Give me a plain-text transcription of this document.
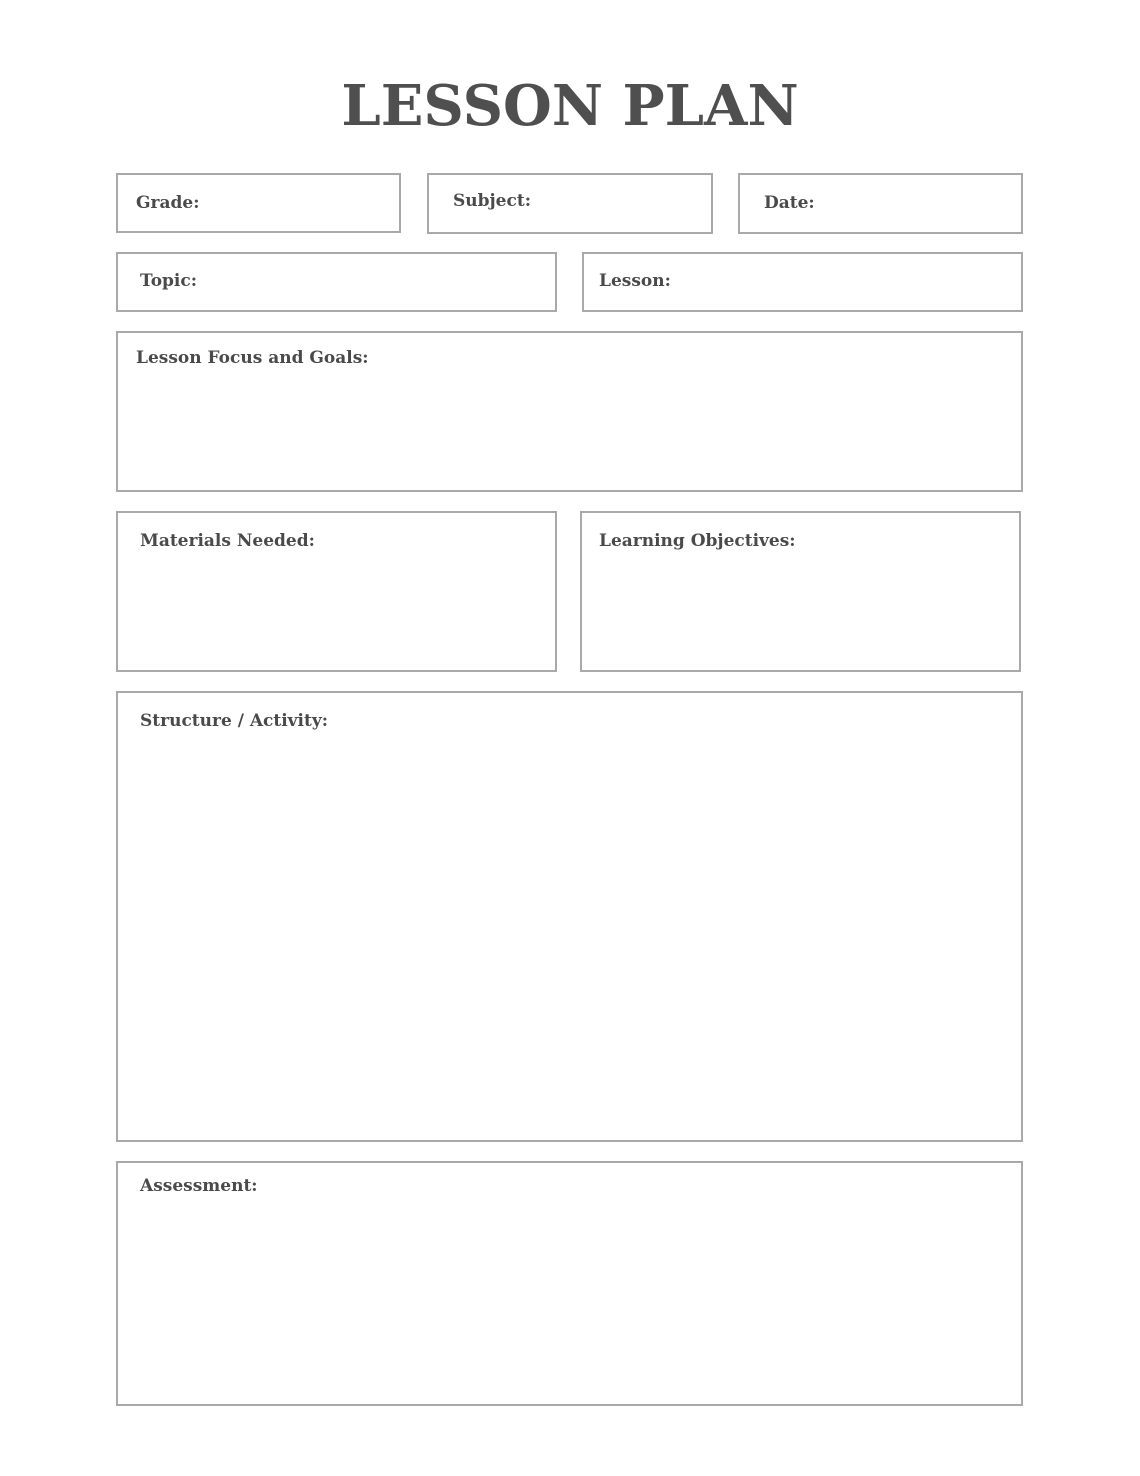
LESSON PLAN
Grade:	Subject:	Date:
Topic:	Lesson:
Lesson Focus and Goals:
Materials Needed:	Learning Objectives:
Structure / Activity:
Assessment:
